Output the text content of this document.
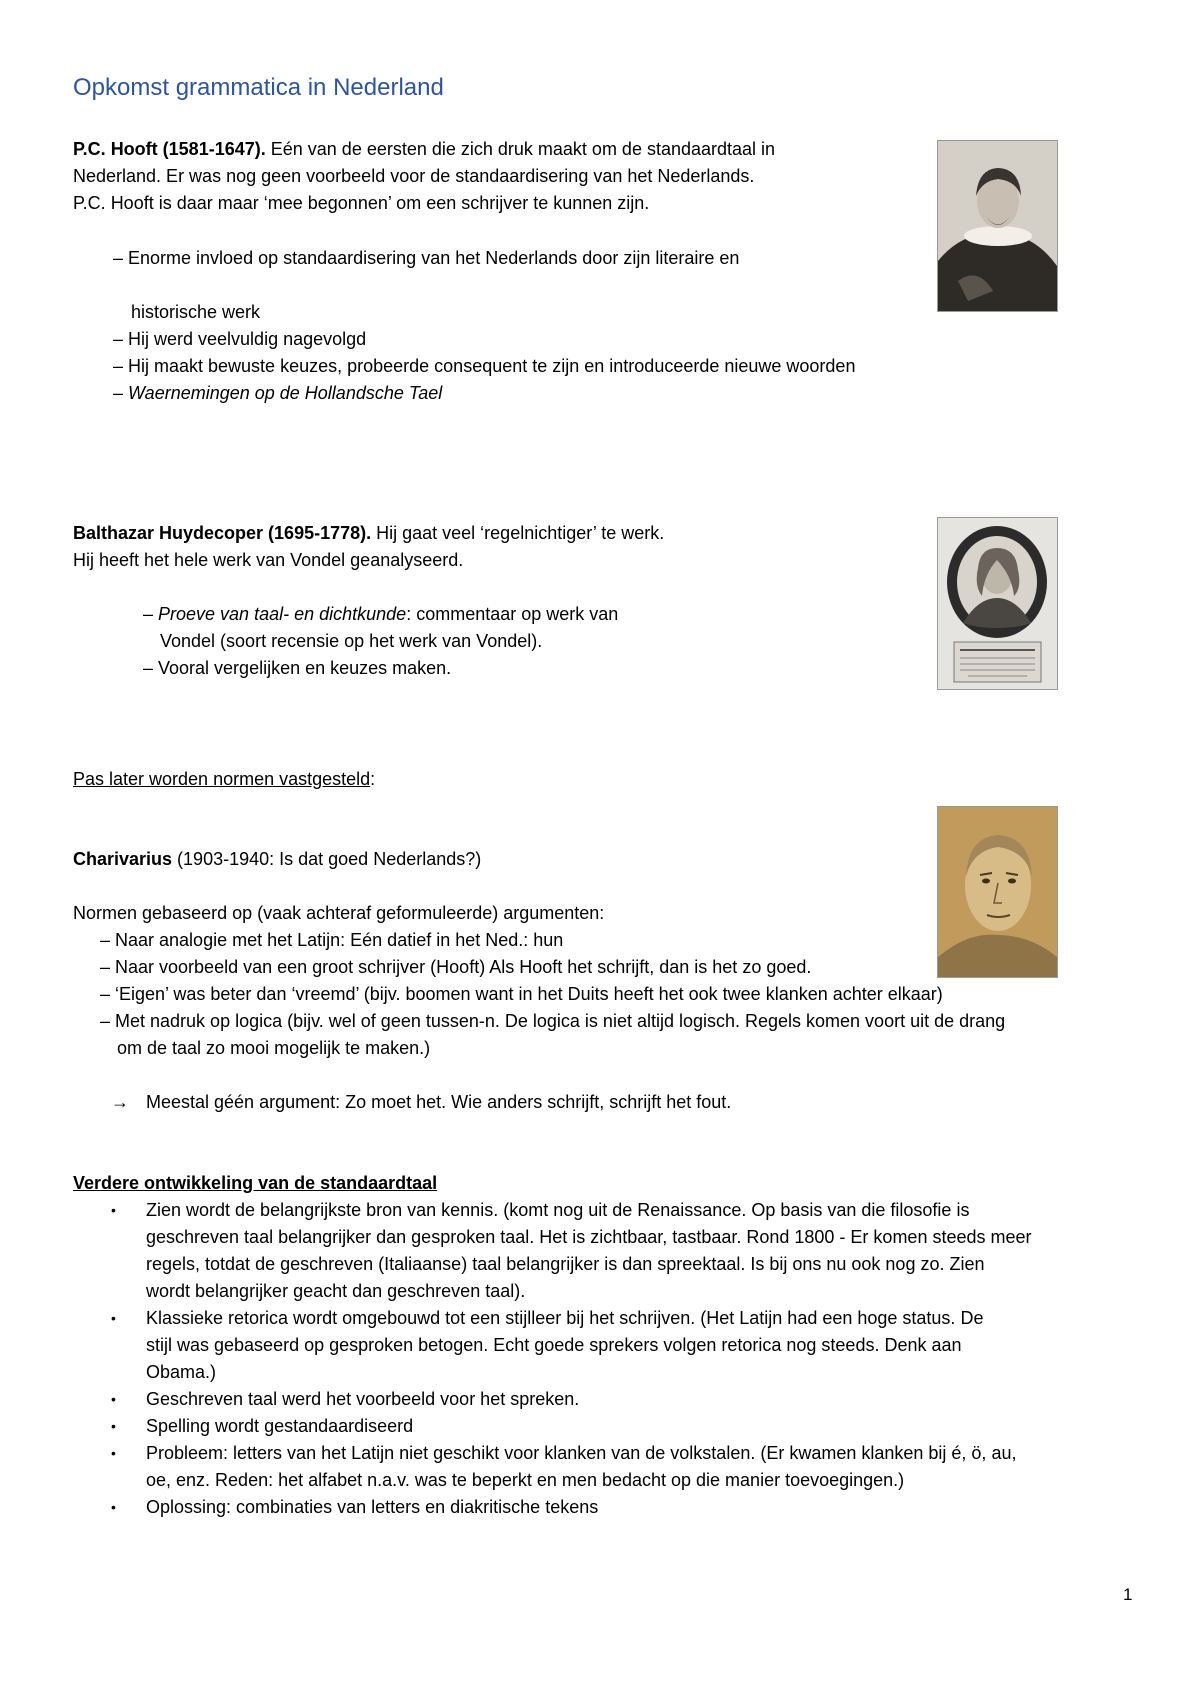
Opkomst grammatica in Nederland
P.C. Hooft (1581-1647). Eén van de eersten die zich druk maakt om de standaardtaal in
Nederland. Er was nog geen voorbeeld voor de standaardisering van het Nederlands.
P.C. Hooft is daar maar ‘mee begonnen’ om een schrijver te kunnen zijn.
– Enorme invloed op standaardisering van het Nederlands door zijn literaire en
historische werk
– Hij werd veelvuldig nagevolgd
– Hij maakt bewuste keuzes, probeerde consequent te zijn en introduceerde nieuwe woorden
– Waernemingen op de Hollandsche Tael
Balthazar Huydecoper (1695-1778). Hij gaat veel ‘regelnichtiger’ te werk.
Hij heeft het hele werk van Vondel geanalyseerd.
– Proeve van taal- en dichtkunde: commentaar op werk van
Vondel (soort recensie op het werk van Vondel).
– Vooral vergelijken en keuzes maken.
Pas later worden normen vastgesteld:
Charivarius (1903-1940: Is dat goed Nederlands?)
Normen gebaseerd op (vaak achteraf geformuleerde) argumenten:
– Naar analogie met het Latijn: Eén datief in het Ned.: hun
– Naar voorbeeld van een groot schrijver (Hooft) Als Hooft het schrijft, dan is het zo goed.
– ‘Eigen’ was beter dan ‘vreemd’ (bijv. boomen want in het Duits heeft het ook twee klanken achter elkaar)
– Met nadruk op logica (bijv. wel of geen tussen-n. De logica is niet altijd logisch. Regels komen voort uit de drang
om de taal zo mooi mogelijk te maken.)
→ Meestal géén argument: Zo moet het. Wie anders schrijft, schrijft het fout.
Verdere ontwikkeling van de standaardtaal
• Zien wordt de belangrijkste bron van kennis. (komt nog uit de Renaissance. Op basis van die filosofie is
geschreven taal belangrijker dan gesproken taal. Het is zichtbaar, tastbaar. Rond 1800 - Er komen steeds meer
regels, totdat de geschreven (Italiaanse) taal belangrijker is dan spreektaal. Is bij ons nu ook nog zo. Zien
wordt belangrijker geacht dan geschreven taal).
• Klassieke retorica wordt omgebouwd tot een stijlleer bij het schrijven. (Het Latijn had een hoge status. De
stijl was gebaseerd op gesproken betogen. Echt goede sprekers volgen retorica nog steeds. Denk aan
Obama.)
• Geschreven taal werd het voorbeeld voor het spreken.
• Spelling wordt gestandaardiseerd
• Probleem: letters van het Latijn niet geschikt voor klanken van de volkstalen. (Er kwamen klanken bij é, ö, au,
oe, enz. Reden: het alfabet n.a.v. was te beperkt en men bedacht op die manier toevoegingen.)
• Oplossing: combinaties van letters en diakritische tekens
1
